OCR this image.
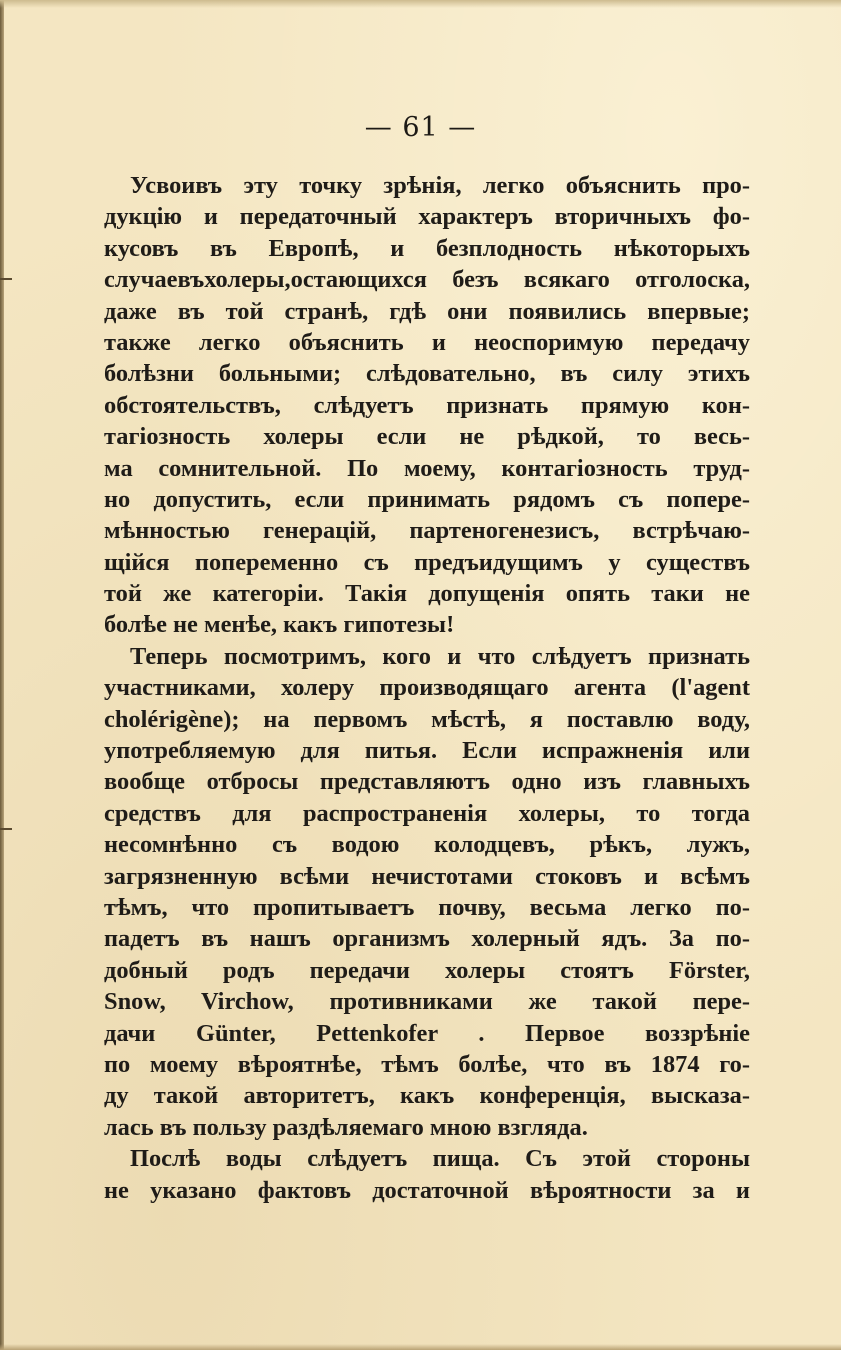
— 61 —
Усвоивъ эту точку зрѣнія, легко объяснить про-
дукцію и передаточный характеръ вторичныхъ фо-
кусовъ въ Европѣ, и безплодность нѣкоторыхъ
случаевъхолеры,остающихся безъ всякаго отголоска,
даже въ той странѣ, гдѣ они появились впервые;
также легко объяснить и неоспоримую передачу
болѣзни больными; слѣдовательно, въ силу этихъ
обстоятельствъ, слѣдуетъ признать прямую кон-
тагіозность холеры если не рѣдкой, то весь-
ма сомнительной. По моему, контагіозность труд-
но допустить, если принимать рядомъ съ попере-
мѣнностью генерацій, партеногенезисъ, встрѣчаю-
щійся попеременно съ предъидущимъ у существъ
той же категоріи. Такія допущенія опять таки не
болѣе не менѣе, какъ гипотезы!
Теперь посмотримъ, кого и что слѣдуетъ признать
участниками, холеру производящаго агента (l'agent
cholérigène); на первомъ мѣстѣ, я поставлю воду,
употребляемую для питья. Если испражненія или
вообще отбросы представляютъ одно изъ главныхъ
средствъ для распространенія холеры, то тогда
несомнѣнно съ водою колодцевъ, рѣкъ, лужъ,
загрязненную всѣми нечистотами стоковъ и всѣмъ
тѣмъ, что пропитываетъ почву, весьма легко по-
падетъ въ нашъ организмъ холерный ядъ. За по-
добный родъ передачи холеры стоятъ Förster,
Snow, Virchow, противниками же такой пере-
дачи Günter, Pettenkofer . Первое воззрѣніе
по моему вѣроятнѣе, тѣмъ болѣе, что въ 1874 го-
ду такой авторитетъ, какъ конференція, высказа-
лась въ пользу раздѣляемаго мною взгляда.
Послѣ воды слѣдуетъ пища. Съ этой стороны
не указано фактовъ достаточной вѣроятности за и
